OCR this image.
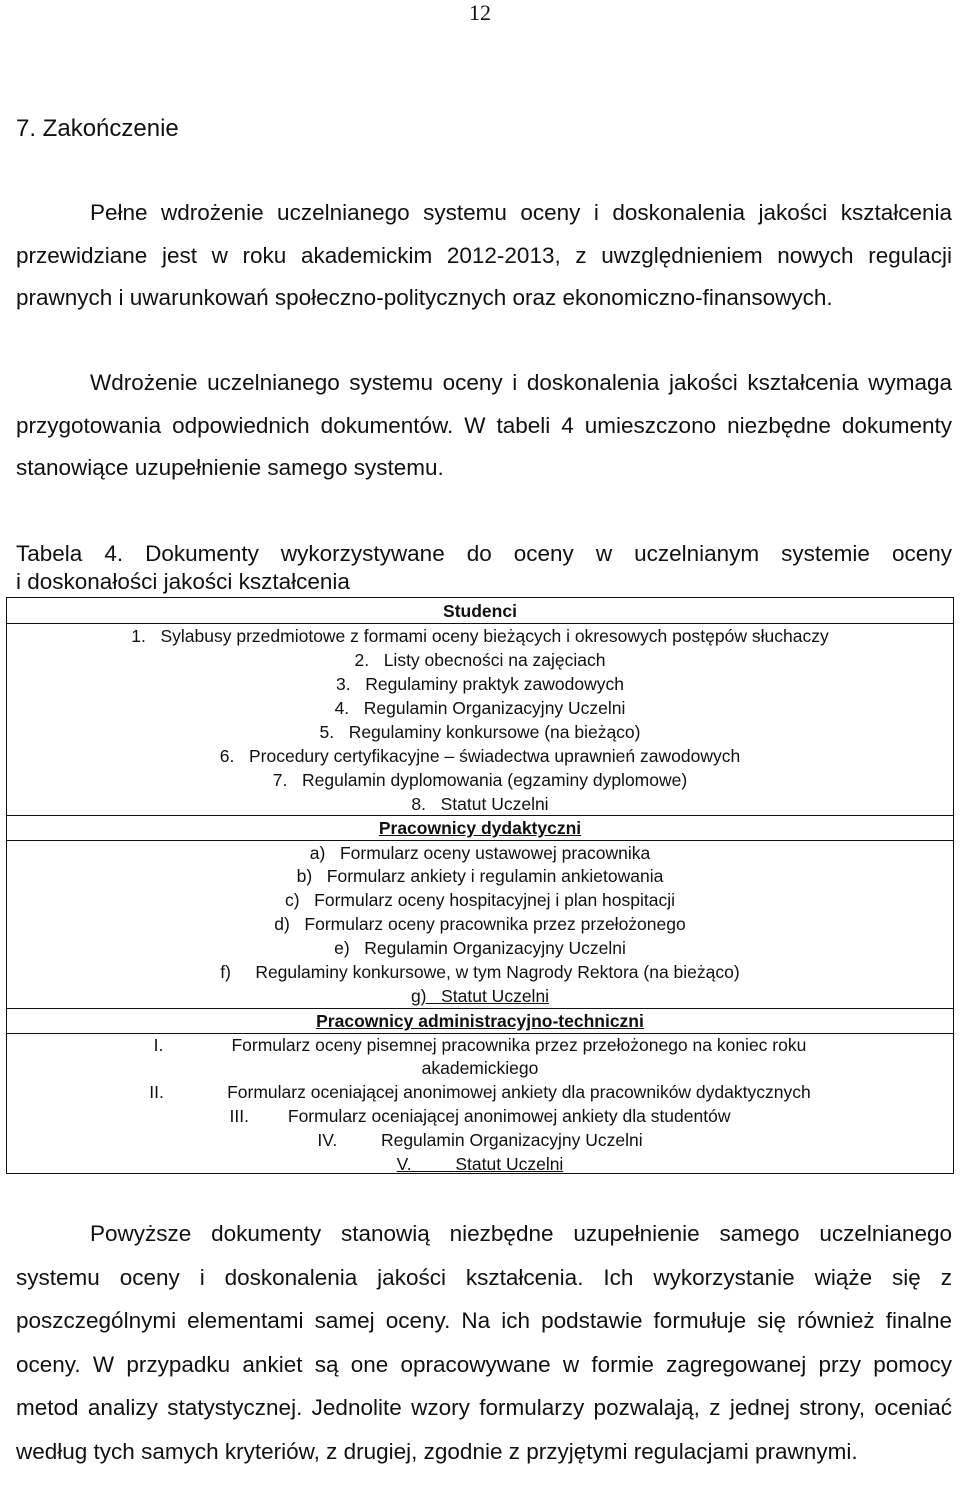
12
7. Zakończenie

Pełne wdrożenie uczelnianego systemu oceny i doskonalenia jakości kształcenia przewidziane jest w roku akademickim 2012-2013, z uwzględnieniem nowych regulacji prawnych i uwarunkowań społeczno-politycznych oraz ekonomiczno-finansowych.

Wdrożenie uczelnianego systemu oceny i doskonalenia jakości kształcenia wymaga przygotowania odpowiednich dokumentów. W tabeli 4 umieszczono niezbędne dokumenty stanowiące uzupełnienie samego systemu.

Tabela 4. Dokumenty wykorzystywane do oceny w uczelnianym systemie oceny
i doskonałości jakości kształcenia
Studenci
1. Sylabusy przedmiotowe z formami oceny bieżących i okresowych postępów słuchaczy
2. Listy obecności na zajęciach
3. Regulaminy praktyk zawodowych
4. Regulamin Organizacyjny Uczelni
5. Regulaminy konkursowe (na bieżąco)
6. Procedury certyfikacyjne – świadectwa uprawnień zawodowych
7. Regulamin dyplomowania (egzaminy dyplomowe)
8. Statut Uczelni
Pracownicy dydaktyczni
a) Formularz oceny ustawowej pracownika
b) Formularz ankiety i regulamin ankietowania
c) Formularz oceny hospitacyjnej i plan hospitacji
d) Formularz oceny pracownika przez przełożonego
e) Regulamin Organizacyjny Uczelni
f) Regulaminy konkursowe, w tym Nagrody Rektora (na bieżąco)
g) Statut Uczelni
Pracownicy administracyjno-techniczni
I.	Formularz oceny pisemnej pracownika przez przełożonego na koniec roku
akademickiego
II.	Formularz oceniającej anonimowej ankiety dla pracowników dydaktycznych
III. Formularz oceniającej anonimowej ankiety dla studentów
IV.	Regulamin Organizacyjny Uczelni
V.	Statut Uczelni

Powyższe dokumenty stanowią niezbędne uzupełnienie samego uczelnianego systemu oceny i doskonalenia jakości kształcenia. Ich wykorzystanie wiąże się z poszczególnymi elementami samej oceny. Na ich podstawie formułuje się również finalne oceny. W przypadku ankiet są one opracowywane w formie zagregowanej przy pomocy metod analizy statystycznej. Jednolite wzory formularzy pozwalają, z jednej strony, oceniać według tych samych kryteriów, z drugiej, zgodnie z przyjętymi regulacjami prawnymi.
